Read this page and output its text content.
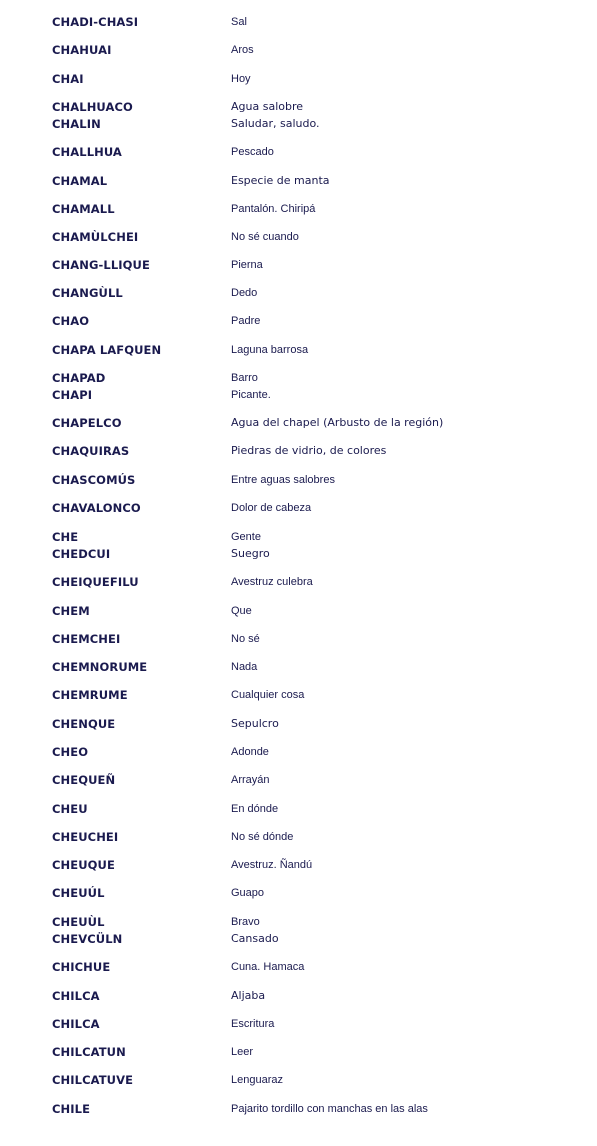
CHADI-CHASI	Sal
CHAHUAI	Aros
CHAI	Hoy
CHALHUACO	Agua salobre
CHALIN	Saludar, saludo.
CHALLHUA	Pescado
CHAMAL	Especie de manta
CHAMALL	Pantalón. Chiripá
CHAMÙLCHEI	No sé cuando
CHANG-LLIQUE	Pierna
CHANGÙLL	Dedo
CHAO	Padre
CHAPA LAFQUEN	Laguna barrosa
CHAPAD	Barro
CHAPI	Picante.
CHAPELCO	Agua del chapel (Arbusto de la región)
CHAQUIRAS	Piedras de vidrio, de colores
CHASCOMÚS	Entre aguas salobres
CHAVALONCO	Dolor de cabeza
CHE	Gente
CHEDCUI	Suegro
CHEIQUEFILU	Avestruz culebra
CHEM	Que
CHEMCHEI	No sé
CHEMNORUME	Nada
CHEMRUME	Cualquier cosa
CHENQUE	Sepulcro
CHEO	Adonde
CHEQUEÑ	Arrayán
CHEU	En dónde
CHEUCHEI	No sé dónde
CHEUQUE	Avestruz. Ñandú
CHEUÚL	Guapo
CHEUÙL	Bravo
CHEVCÜLN	Cansado
CHICHUE	Cuna. Hamaca
CHILCA	Aljaba
CHILCA	Escritura
CHILCATUN	Leer
CHILCATUVE	Lenguaraz
CHILE	Pajarito tordillo con manchas en las alas
